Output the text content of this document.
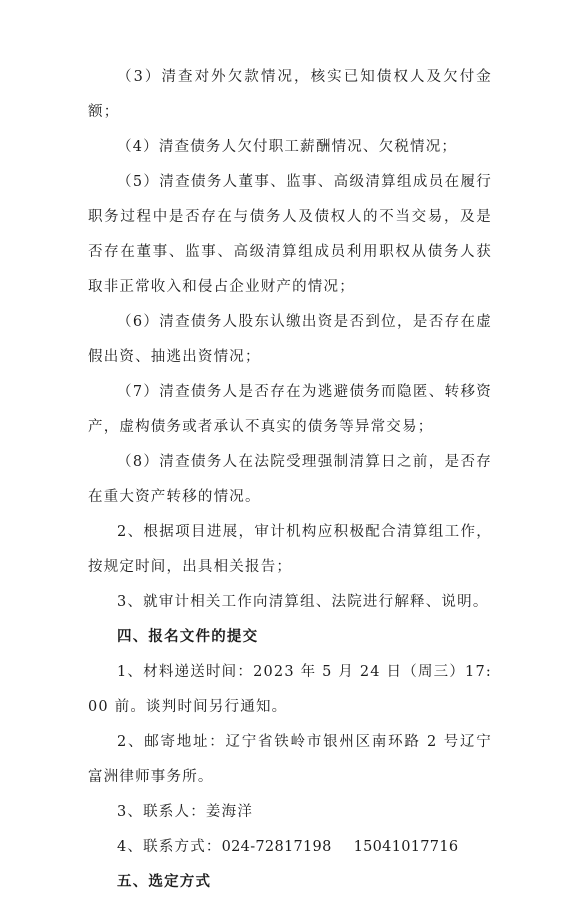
（3）清查对外欠款情况，核实已知债权人及欠付金额；

（4）清查债务人欠付职工薪酬情况、欠税情况；

（5）清查债务人董事、监事、高级清算组成员在履行职务过程中是否存在与债务人及债权人的不当交易，及是否存在董事、监事、高级清算组成员利用职权从债务人获取非正常收入和侵占企业财产的情况；

（6）清查债务人股东认缴出资是否到位，是否存在虚假出资、抽逃出资情况；

（7）清查债务人是否存在为逃避债务而隐匿、转移资产，虚构债务或者承认不真实的债务等异常交易；

（8）清查债务人在法院受理强制清算日之前，是否存在重大资产转移的情况。

2、根据项目进展，审计机构应积极配合清算组工作，按规定时间，出具相关报告；

3、就审计相关工作向清算组、法院进行解释、说明。

四、报名文件的提交

1、材料递送时间：2023 年 5 月 24 日（周三）17:00 前。谈判时间另行通知。

2、邮寄地址：辽宁省铁岭市银州区南环路 2 号辽宁富洲律师事务所。

3、联系人：姜海洋

4、联系方式：024-72817198 15041017716

五、选定方式
